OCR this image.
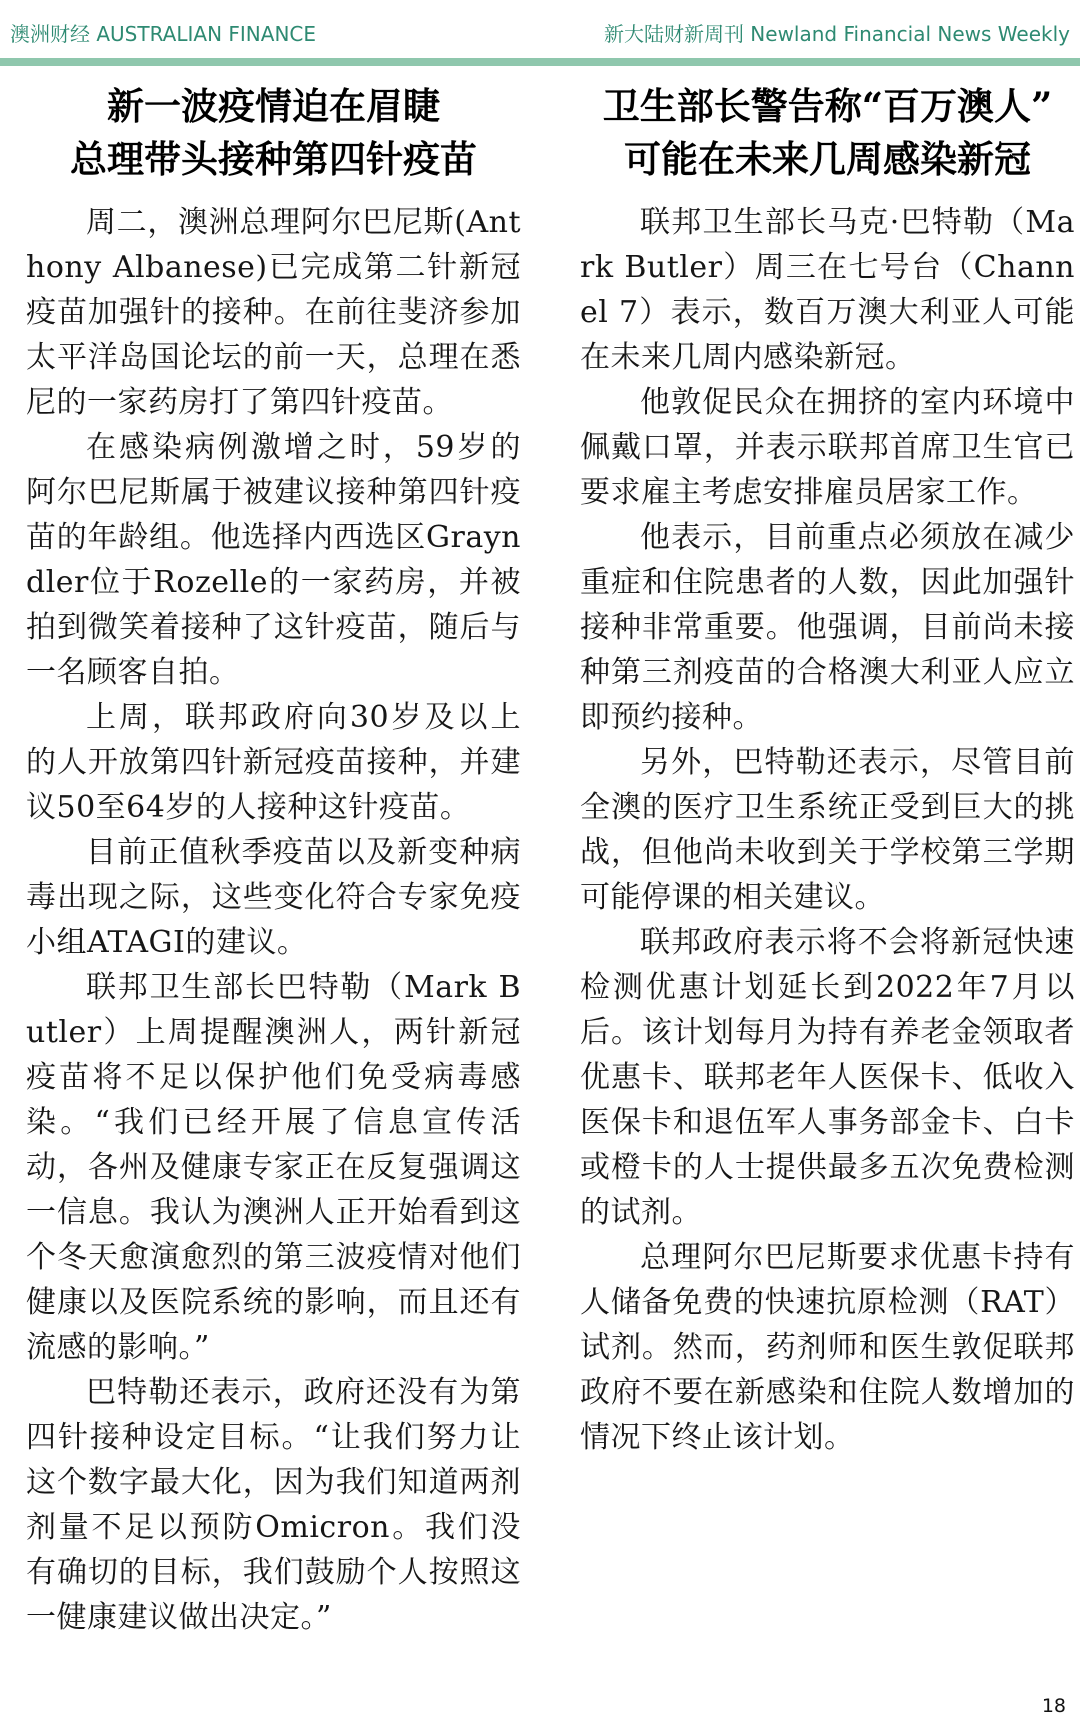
澳洲财经 AUSTRALIAN FINANCE	新大陆财新周刊 Newland Financial News Weekly
新一波疫情迫在眉睫
总理带头接种第四针疫苗

周二，澳洲总理阿尔巴尼斯(Anthony Albanese)已完成第二针新冠疫苗加强针的接种。在前往斐济参加太平洋岛国论坛的前一天，总理在悉尼的一家药房打了第四针疫苗。

在感染病例激增之时，59岁的阿尔巴尼斯属于被建议接种第四针疫苗的年龄组。他选择内西选区Grayndler位于Rozelle的一家药房，并被拍到微笑着接种了这针疫苗，随后与一名顾客自拍。

上周，联邦政府向30岁及以上的人开放第四针新冠疫苗接种，并建议50至64岁的人接种这针疫苗。

目前正值秋季疫苗以及新变种病毒出现之际，这些变化符合专家免疫小组ATAGI的建议。

联邦卫生部长巴特勒（Mark Butler）上周提醒澳洲人，两针新冠疫苗将不足以保护他们免受病毒感染。“我们已经开展了信息宣传活动，各州及健康专家正在反复强调这一信息。我认为澳洲人正开始看到这个冬天愈演愈烈的第三波疫情对他们健康以及医院系统的影响，而且还有流感的影响。”

巴特勒还表示，政府还没有为第四针接种设定目标。“让我们努力让这个数字最大化，因为我们知道两剂剂量不足以预防Omicron。我们没有确切的目标，我们鼓励个人按照这一健康建议做出决定。”

卫生部长警告称“百万澳人”
可能在未来几周感染新冠

联邦卫生部长马克·巴特勒（Mark Butler）周三在七号台（Channel 7）表示，数百万澳大利亚人可能在未来几周内感染新冠。

他敦促民众在拥挤的室内环境中佩戴口罩，并表示联邦首席卫生官已要求雇主考虑安排雇员居家工作。

他表示，目前重点必须放在减少重症和住院患者的人数，因此加强针接种非常重要。他强调，目前尚未接种第三剂疫苗的合格澳大利亚人应立即预约接种。

另外，巴特勒还表示，尽管目前全澳的医疗卫生系统正受到巨大的挑战，但他尚未收到关于学校第三学期可能停课的相关建议。

联邦政府表示将不会将新冠快速检测优惠计划延长到2022年7月以后。该计划每月为持有养老金领取者优惠卡、联邦老年人医保卡、低收入医保卡和退伍军人事务部金卡、白卡或橙卡的人士提供最多五次免费检测的试剂。

总理阿尔巴尼斯要求优惠卡持有人储备免费的快速抗原检测（RAT）试剂。然而，药剂师和医生敦促联邦政府不要在新感染和住院人数增加的情况下终止该计划。

18
